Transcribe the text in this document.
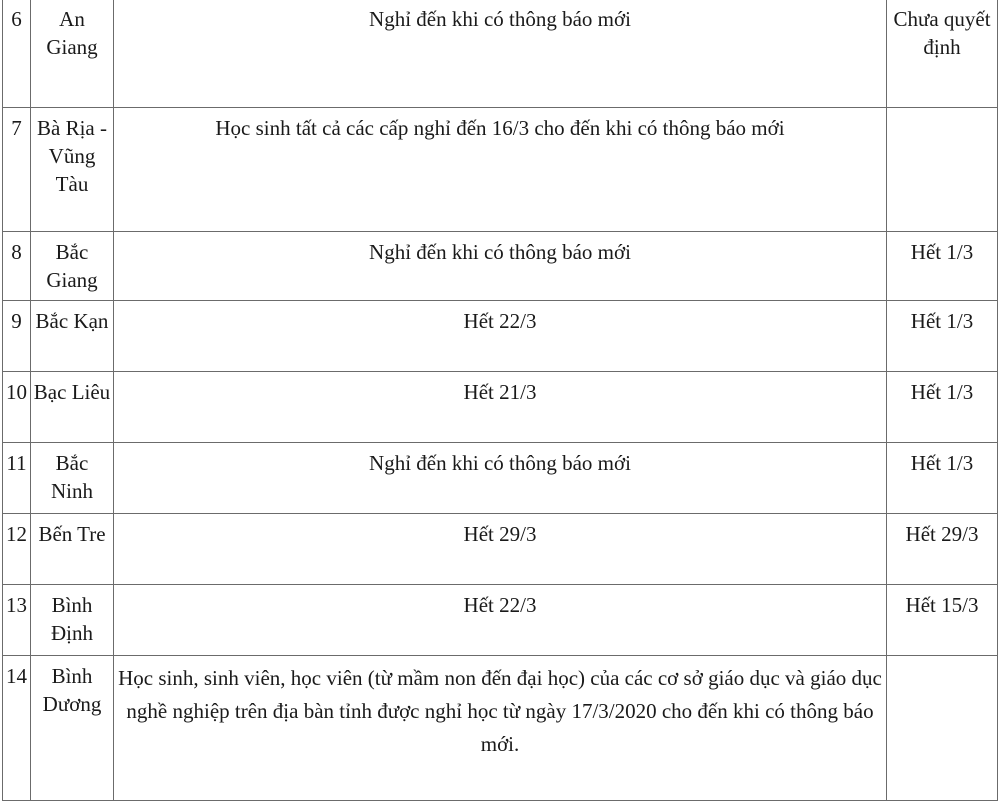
6	An Giang	Nghỉ đến khi có thông báo mới	Chưa quyết định
7	Bà Rịa - Vũng Tàu	Học sinh tất cả các cấp nghỉ đến 16/3 cho đến khi có thông báo mới	
8	Bắc Giang	Nghỉ đến khi có thông báo mới	Hết 1/3
9	Bắc Kạn	Hết 22/3	Hết 1/3
10	Bạc Liêu	Hết 21/3	Hết 1/3
11	Bắc Ninh	Nghỉ đến khi có thông báo mới	Hết 1/3
12	Bến Tre	Hết 29/3	Hết 29/3
13	Bình Định	Hết 22/3	Hết 15/3
14	Bình Dương	Học sinh, sinh viên, học viên (từ mầm non đến đại học) của các cơ sở giáo dục và giáo dục nghề nghiệp trên địa bàn tỉnh được nghỉ học từ ngày 17/3/2020 cho đến khi có thông báo mới.	
